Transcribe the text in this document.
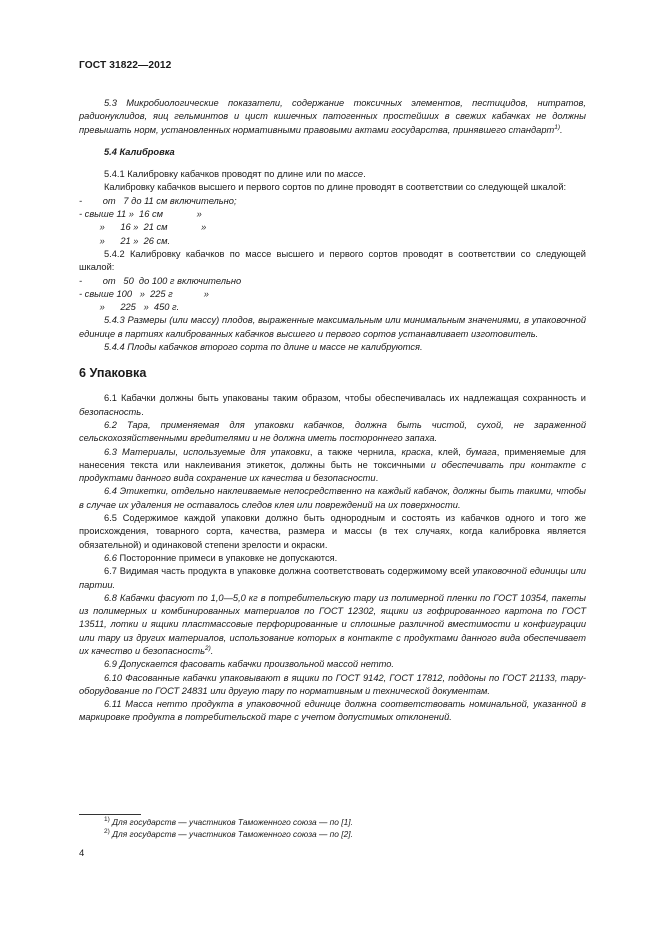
ГОСТ 31822—2012

5.3 Микробиологические показатели, содержание токсичных элементов, пестицидов, нитратов, радионуклидов, яиц гельминтов и цист кишечных патогенных простейших в свежих кабачках не должны превышать норм, установленных нормативными правовыми актами государства, принявшего стандарт$^{1)}$.

5.4 Калибровка

5.4.1 Калибровку кабачков проводят по длине или по массе.

Калибровку кабачков высшего и первого сортов по длине проводят в соответствии со следующей шкалой:

-        от   7 до 11 см включительно;

- свыше 11 »  16 см             »

»      16 »  21 см             »

»      21 »  26 см.

5.4.2 Калибровку кабачков по массе высшего и первого сортов проводят в соответствии со следующей шкалой:

-        от   50  до 100 г включительно

- свыше 100   »  225 г            »

»      225   »  450 г.

5.4.3 Размеры (или массу) плодов, выраженные максимальным или минимальным значениями, в упаковочной единице в партиях калиброванных кабачков высшего и первого сортов устанавливает изготовитель.

5.4.4 Плоды кабачков второго сорта по длине и массе не калибруются.

6 Упаковка

6.1 Кабачки должны быть упакованы таким образом, чтобы обеспечивалась их надлежащая сохранность и безопасность.

6.2 Тара, применяемая для упаковки кабачков, должна быть чистой, сухой, не зараженной сельскохозяйственными вредителями и не должна иметь постороннего запаха.

6.3 Материалы, используемые для упаковки, а также чернила, краска, клей, бумага, применяемые для нанесения текста или наклеивания этикеток, должны быть не токсичными и обеспечивать при контакте с продуктами данного вида сохранение их качества и безопасности.

6.4 Этикетки, отдельно наклеиваемые непосредственно на каждый кабачок, должны быть такими, чтобы в случае их удаления не оставалось следов клея или повреждений на их поверхности.

6.5 Содержимое каждой упаковки должно быть однородным и состоять из кабачков одного и того же происхождения, товарного сорта, качества, размера и массы (в тех случаях, когда калибровка является обязательной) и одинаковой степени зрелости и окраски.

6.6 Посторонние примеси в упаковке не допускаются.

6.7 Видимая часть продукта в упаковке должна соответствовать содержимому всей упаковочной единицы или партии.

6.8 Кабачки фасуют по 1,0—5,0 кг в потребительскую тару из полимерной пленки по ГОСТ 10354, пакеты из полимерных и комбинированных материалов по ГОСТ 12302, ящики из гофрированного картона по ГОСТ 13511, лотки и ящики пластмассовые перфорированные и сплошные различной вместимости и конфигурации или тару из других материалов, использование которых в контакте с продуктами данного вида обеспечивает их качество и безопасность$^{2)}$.

6.9 Допускается фасовать кабачки произвольной массой нетто.

6.10 Фасованные кабачки упаковывают в ящики по ГОСТ 9142, ГОСТ 17812, поддоны по ГОСТ 21133, тару-оборудование по ГОСТ 24831 или другую тару по нормативным и технической документам.

6.11 Масса нетто продукта в упаковочной единице должна соответствовать номинальной, указанной в маркировке продукта в потребительской таре с учетом допустимых отклонений.

$^{1)}$ Для государств — участников Таможенного союза — по [1].
$^{2)}$ Для государств — участников Таможенного союза — по [2].
4
